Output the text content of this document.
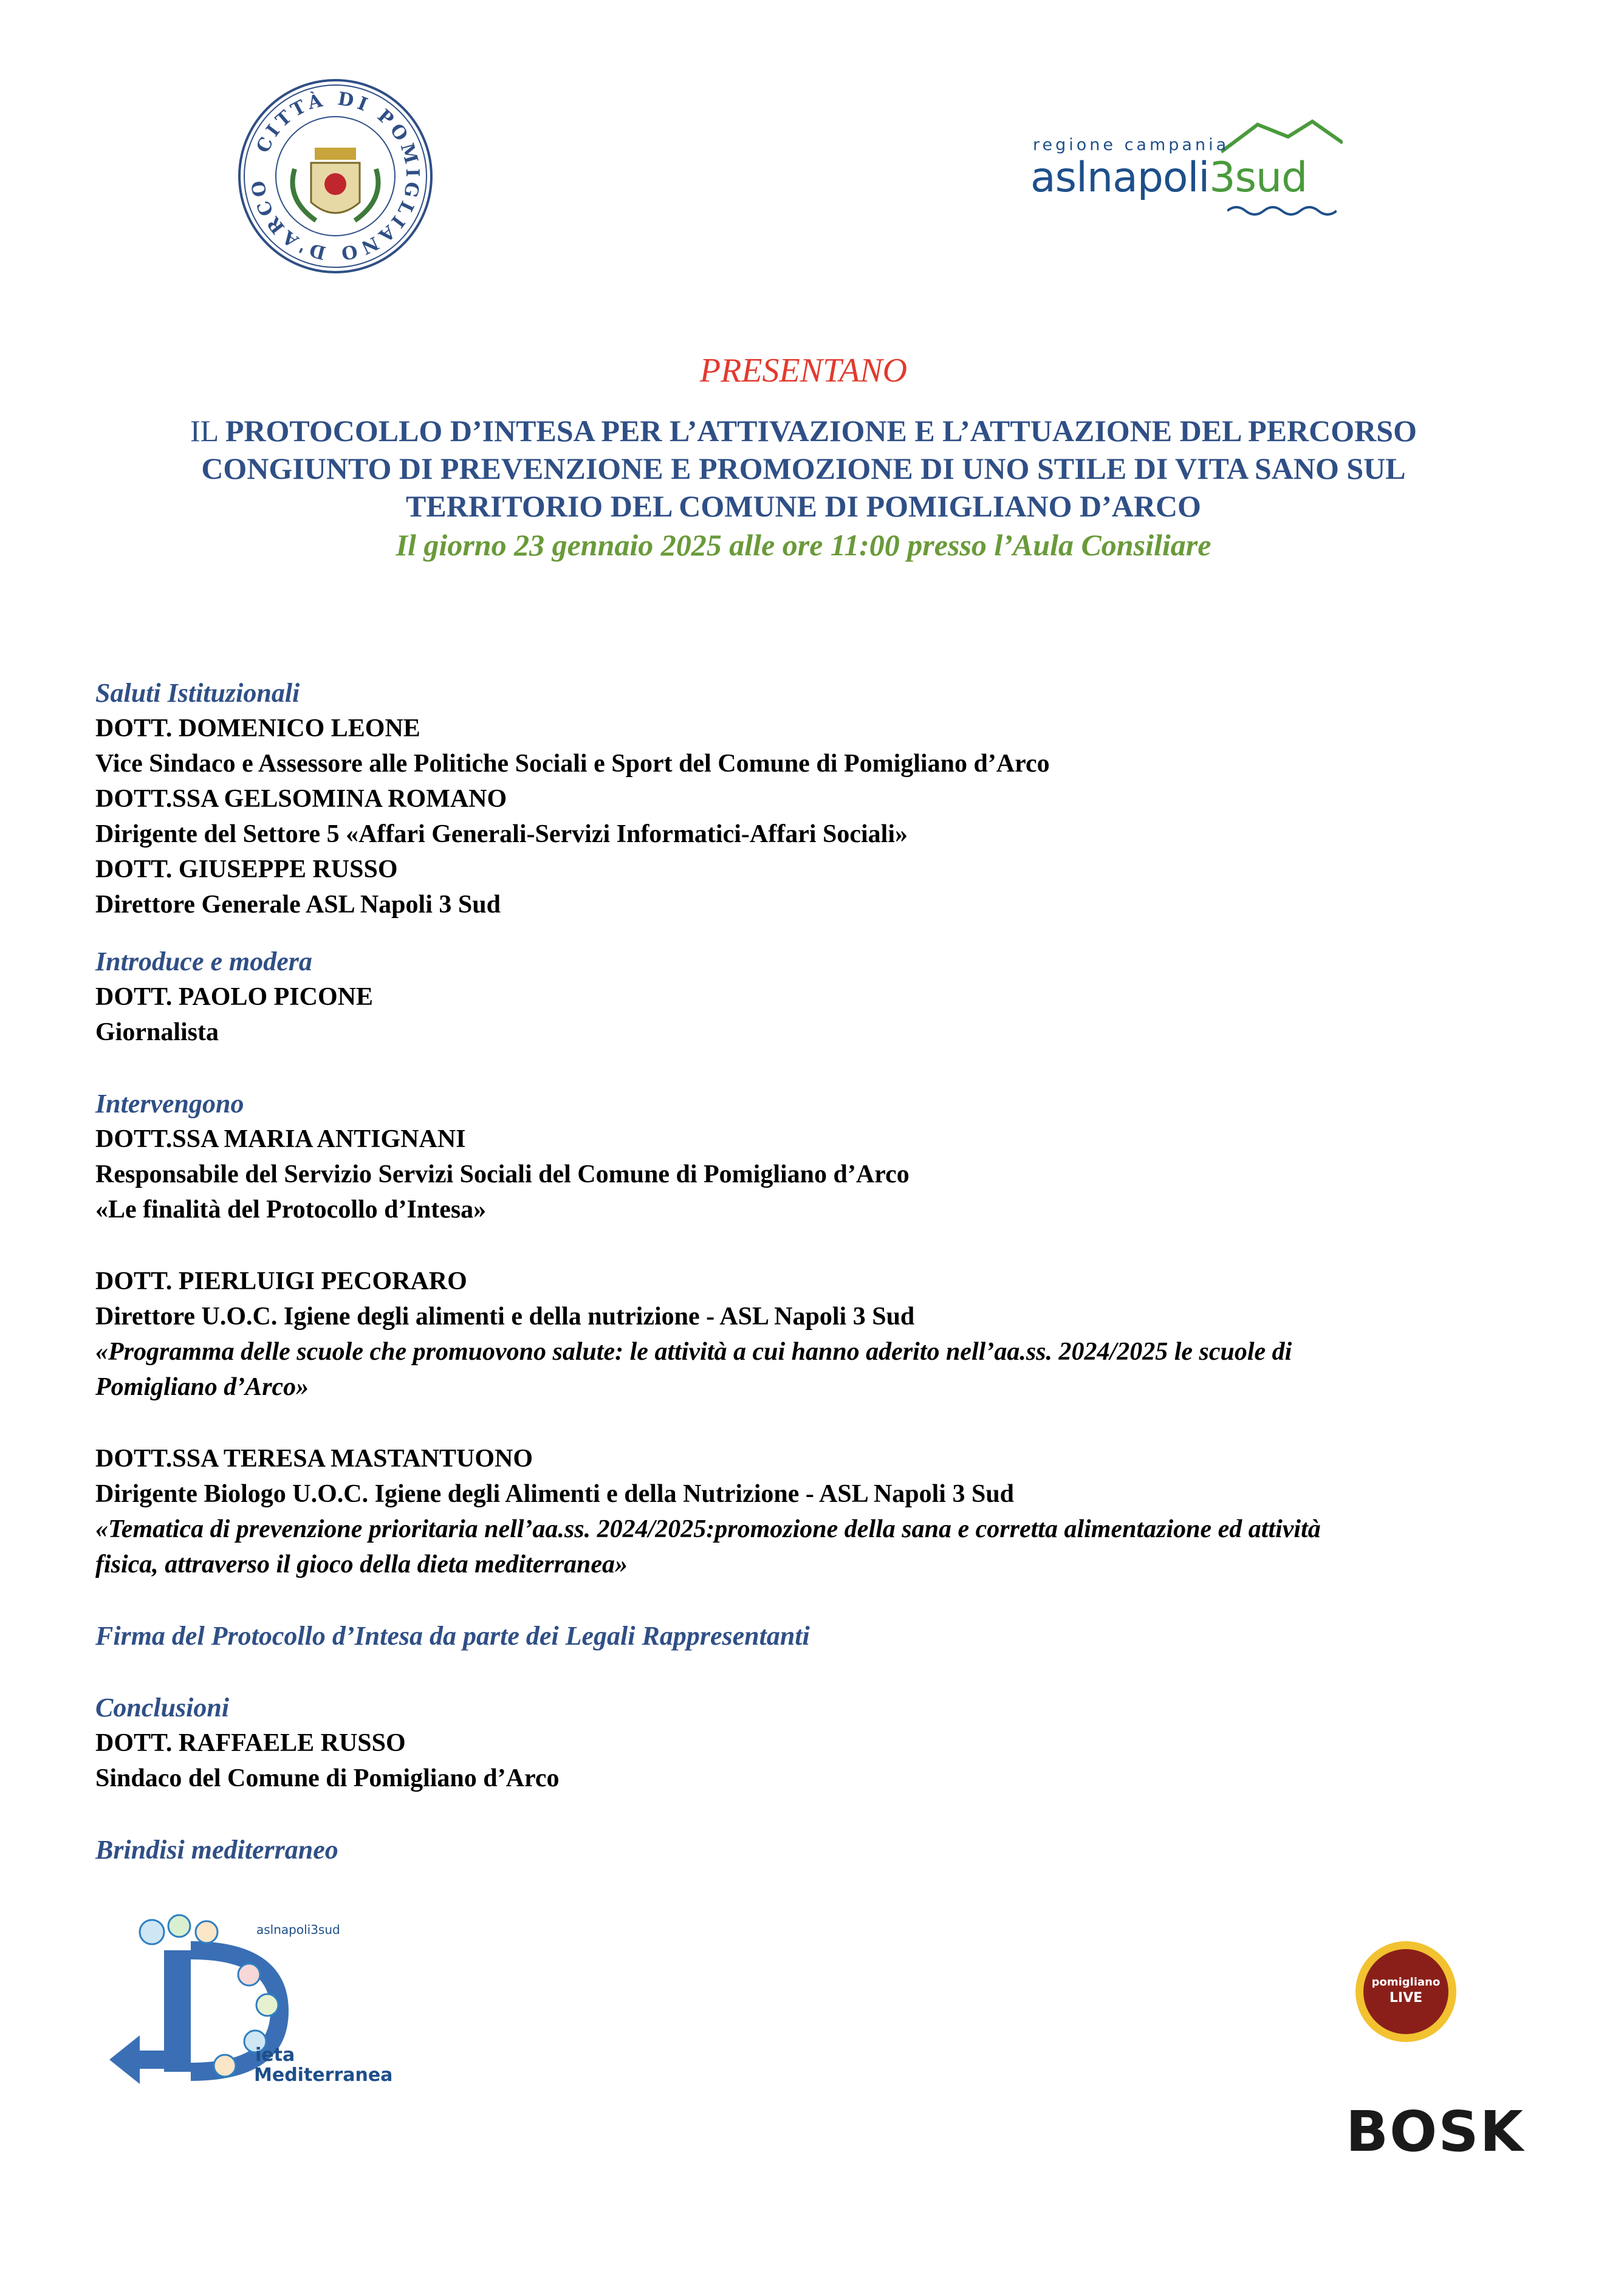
CITTÀ DI POMIGLIANO D'ARCO
regione campania
aslnapoli3sud
PRESENTANO
IL PROTOCOLLO D’INTESA PER L’ATTIVAZIONE E L’ATTUAZIONE DEL PERCORSO
CONGIUNTO DI PREVENZIONE E PROMOZIONE DI UNO STILE DI VITA SANO SUL
TERRITORIO DEL COMUNE DI POMIGLIANO D’ARCO
Il giorno 23 gennaio 2025 alle ore 11:00 presso l’Aula Consiliare
Saluti Istituzionali
DOTT. DOMENICO LEONE
Vice Sindaco e Assessore alle Politiche Sociali e Sport del Comune di Pomigliano d’Arco
DOTT.SSA GELSOMINA ROMANO
Dirigente del Settore 5 «Affari Generali-Servizi Informatici-Affari Sociali»
DOTT. GIUSEPPE RUSSO
Direttore Generale ASL Napoli 3 Sud
Introduce e modera
DOTT. PAOLO PICONE
Giornalista
Intervengono
DOTT.SSA MARIA ANTIGNANI
Responsabile del Servizio Servizi Sociali del Comune di Pomigliano d’Arco
«Le finalità del Protocollo d’Intesa»
DOTT. PIERLUIGI PECORARO
Direttore U.O.C. Igiene degli alimenti e della nutrizione - ASL Napoli 3 Sud
«Programma delle scuole che promuovono salute: le attività a cui hanno aderito nell’aa.ss. 2024/2025 le scuole di
Pomigliano d’Arco»
DOTT.SSA TERESA MASTANTUONO
Dirigente Biologo U.O.C. Igiene degli Alimenti e della Nutrizione - ASL Napoli 3 Sud
«Tematica di prevenzione prioritaria nell’aa.ss. 2024/2025:promozione della sana e corretta alimentazione ed attività
fisica, attraverso il gioco della dieta mediterranea»
Firma del Protocollo d’Intesa da parte dei Legali Rappresentanti
Conclusioni
DOTT. RAFFAELE RUSSO
Sindaco del Comune di Pomigliano d’Arco
Brindisi mediterraneo
aslnapoli3sud
ieta
Mediterranea
pomigliano
LIVE
BOSK
